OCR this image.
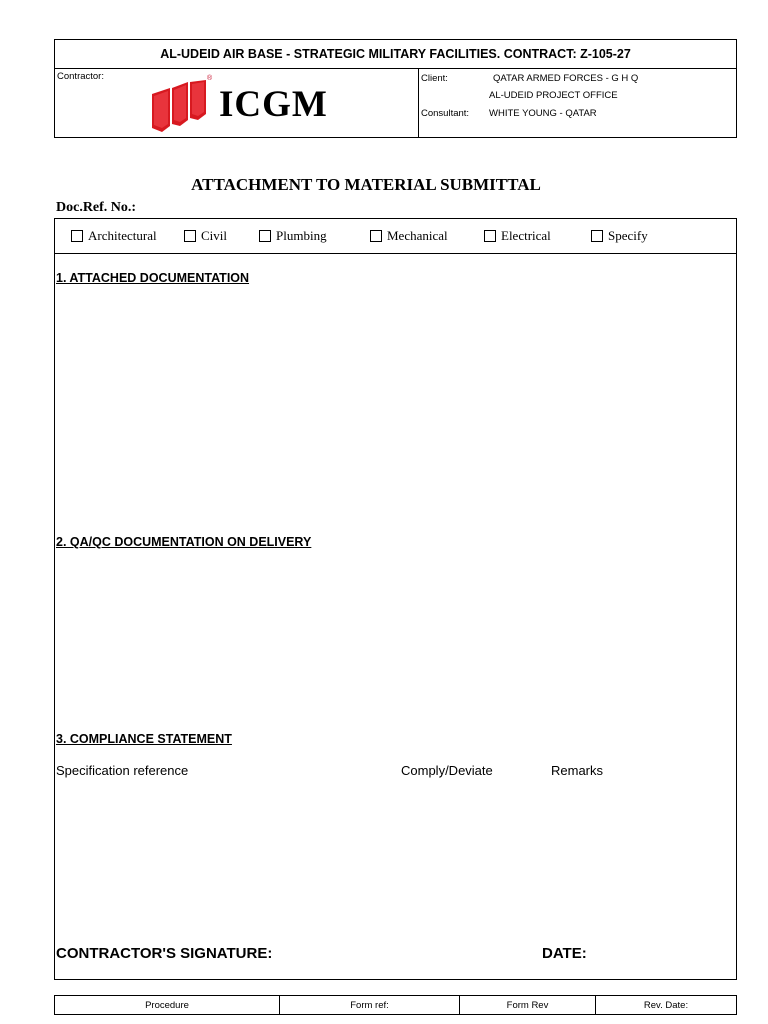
AL-UDEID AIR BASE - STRATEGIC MILITARY FACILITIES. CONTRACT: Z-105-27
Contractor:	®
ICGM
Client:	QATAR ARMED FORCES - G H Q
AL-UDEID PROJECT OFFICE
Consultant: WHITE YOUNG - QATAR
ATTACHMENT TO MATERIAL SUBMITTAL
Doc.Ref. No.:
Architectural	Civil	Plumbing	Mechanical	Electrical	Specify
1. ATTACHED DOCUMENTATION
2. QA/QC DOCUMENTATION ON DELIVERY
3. COMPLIANCE STATEMENT
Specification reference	Comply/Deviate	Remarks
CONTRACTOR'S SIGNATURE:	DATE:
Procedure	Form ref:	Form Rev	Rev. Date:
